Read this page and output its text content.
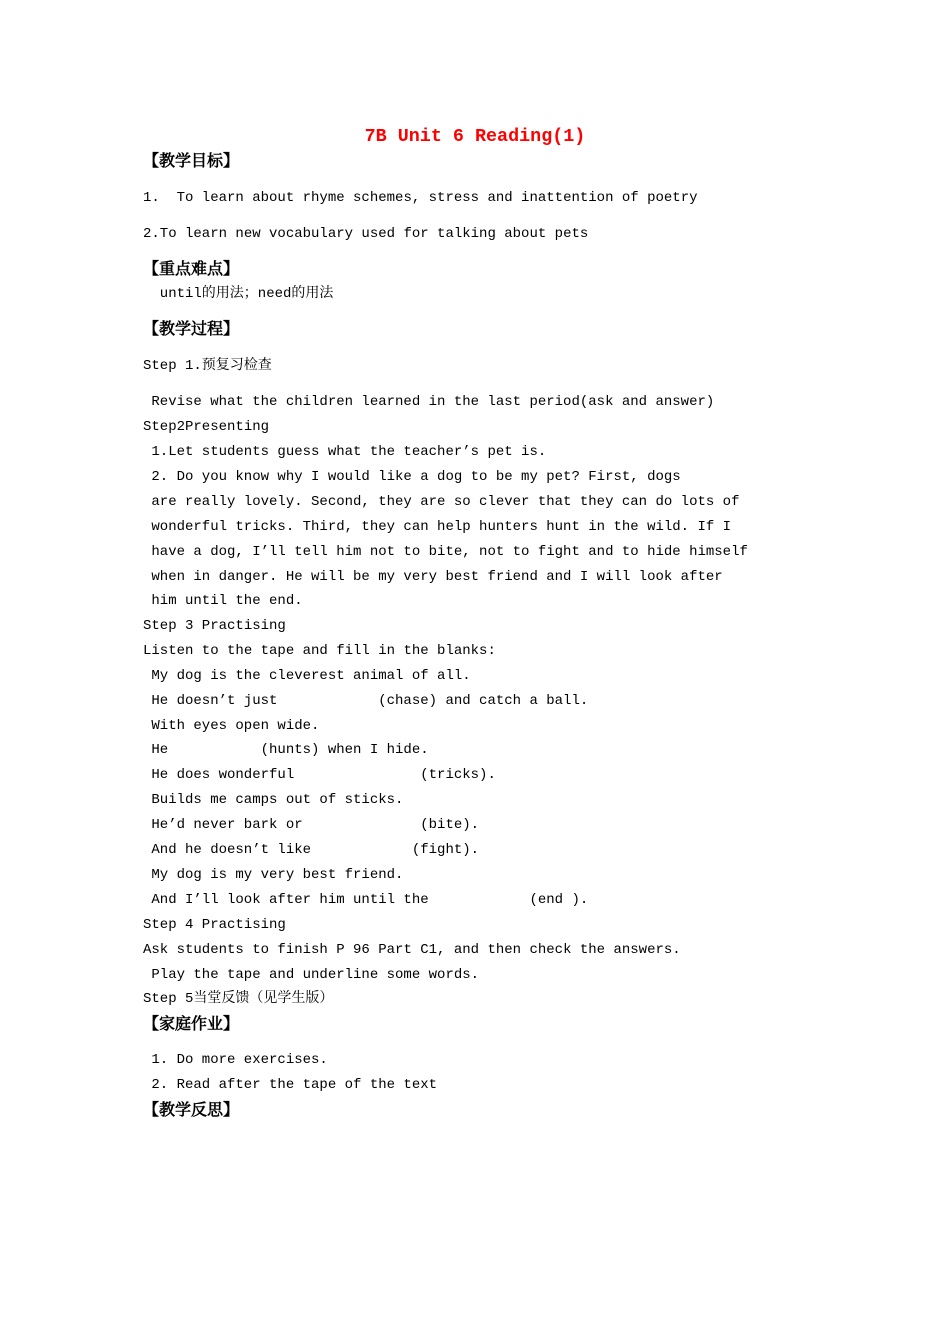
7B Unit 6 Reading(1)
【教学目标】
1.  To learn about rhyme schemes, stress and inattention of poetry
2.To learn new vocabulary used for talking about pets
【重点难点】
until的用法；need的用法
【教学过程】
Step 1.预复习检查
Revise what the children learned in the last period(ask and answer)
Step2Presenting
1.Let students guess what the teacher’s pet is.
2. Do you know why I would like a dog to be my pet? First, dogs
are really lovely. Second, they are so clever that they can do lots of
wonderful tricks. Third, they can help hunters hunt in the wild. If I
have a dog, I’ll tell him not to bite, not to fight and to hide himself
when in danger. He will be my very best friend and I will look after
him until the end.
Step 3 Practising
Listen to the tape and fill in the blanks:
My dog is the cleverest animal of all.
He doesn’t just            (chase) and catch a ball.
With eyes open wide.
He           (hunts) when I hide.
He does wonderful               (tricks).
Builds me camps out of sticks.
He’d never bark or              (bite).
And he doesn’t like            (fight).
My dog is my very best friend.
And I’ll look after him until the            (end ).
Step 4 Practising
Ask students to finish P 96 Part C1, and then check the answers.
Play the tape and underline some words.
Step 5当堂反馈（见学生版）
【家庭作业】
1. Do more exercises.
2. Read after the tape of the text
【教学反思】
